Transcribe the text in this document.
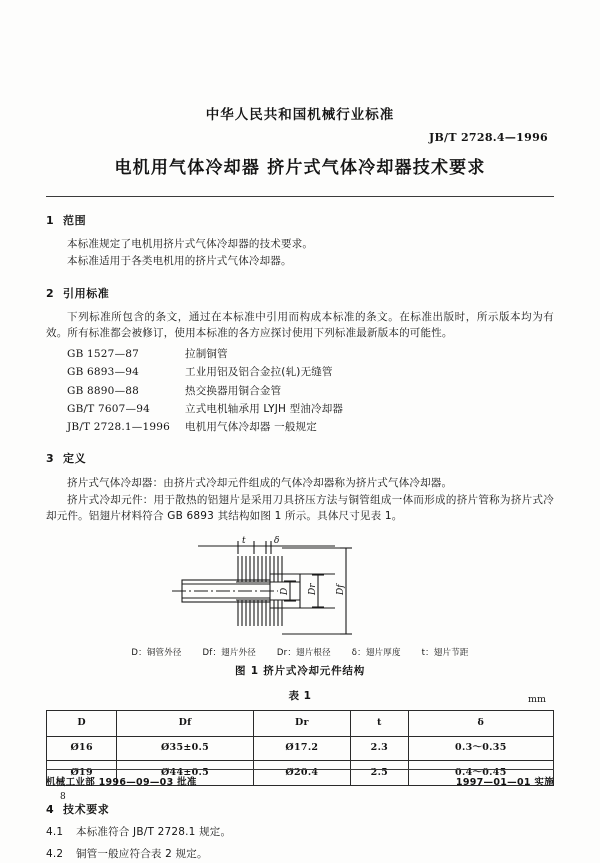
中华人民共和国机械行业标准
JB/T 2728.4—1996
电机用气体冷却器 挤片式气体冷却器技术要求
1 范围
本标准规定了电机用挤片式气体冷却器的技术要求。
本标准适用于各类电机用的挤片式气体冷却器。
2 引用标准
下列标准所包含的条文，通过在本标准中引用而构成本标准的条文。在标准出版时，所示版本均为有效。所有标准都会被修订，使用本标准的各方应探讨使用下列标准最新版本的可能性。
GB 1527—87	拉制铜管
GB 6893—94	工业用铝及铝合金拉(轧)无缝管
GB 8890—88	热交换器用铜合金管
GB/T 7607—94	立式电机轴承用 LYJH 型油冷却器
JB/T 2728.1—1996	电机用气体冷却器 一般规定
3 定义
挤片式气体冷却器：由挤片式冷却元件组成的气体冷却器称为挤片式气体冷却器。
挤片式冷却元件：用于散热的铝翅片是采用刀具挤压方法与铜管组成一体而形成的挤片管称为挤片式冷却元件。铝翅片材料符合 GB 6893 其结构如图 1 所示。具体尺寸见表 1。
t	δ
D Dr Df
D：铜管外径 Df：翅片外径 Dr：翅片根径 δ：翅片厚度 t：翅片节距
图 1 挤片式冷却元件结构
表 1	mm
D	Df	Dr	t	δ
Ø16	Ø35±0.5	Ø17.2	2.3	0.3～0.35
Ø19	Ø44±0.5	Ø20.4	2.5	0.4～0.45
4 技术要求
4.1	本标准符合 JB/T 2728.1 规定。
4.2	铜管一般应符合表 2 规定。
机械工业部 1996—09—03 批准	1997—01—01 实施
8
